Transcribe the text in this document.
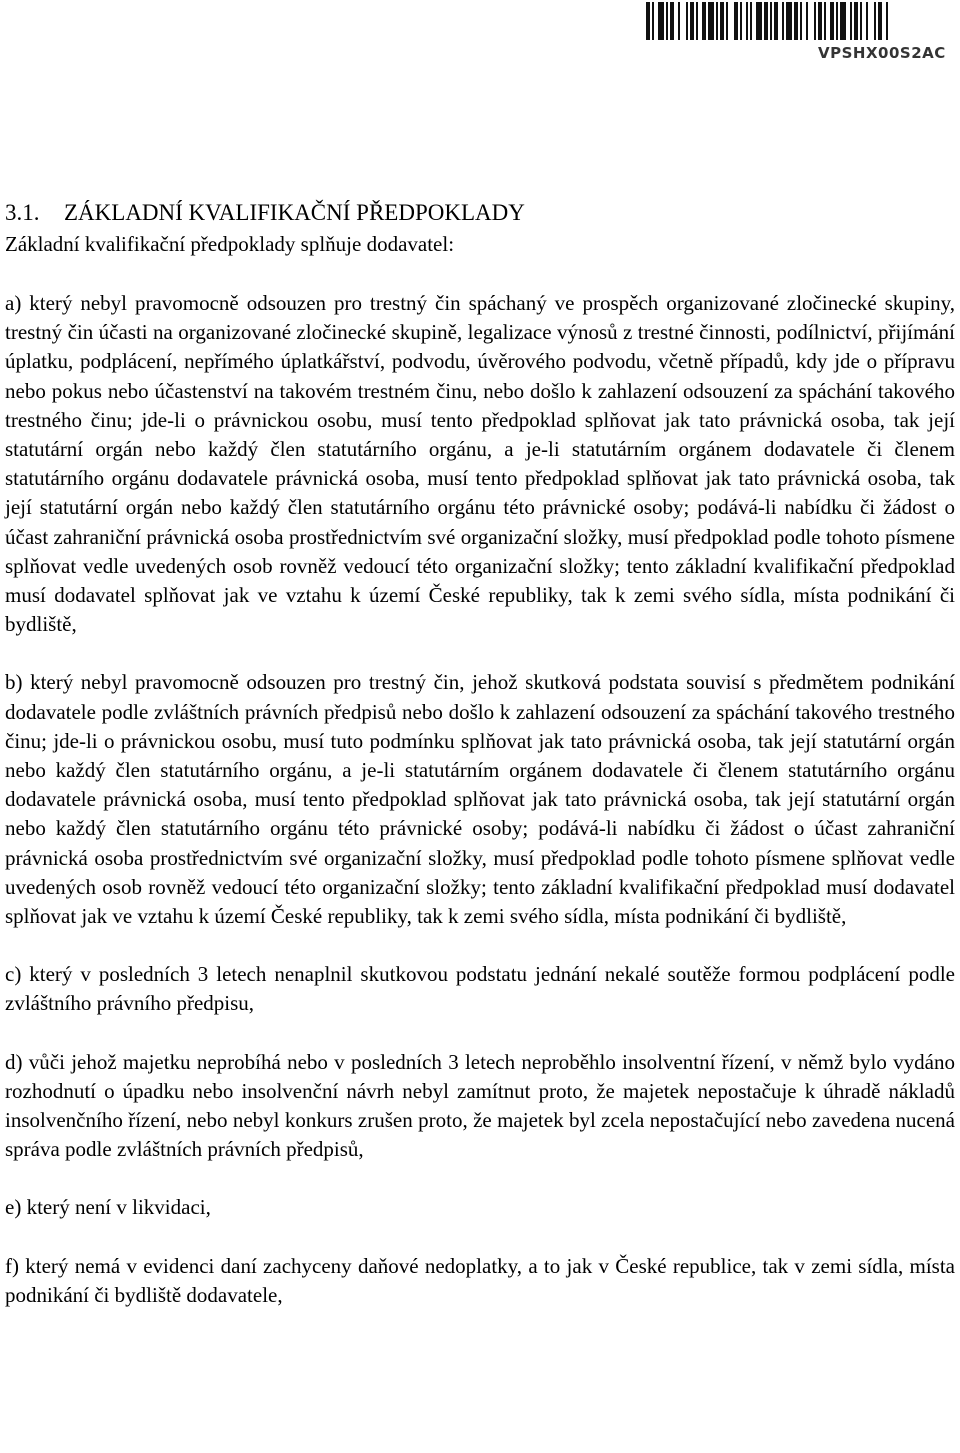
VPSHX00S2AC
3.1. ZÁKLADNÍ KVALIFIKAČNÍ PŘEDPOKLADY

Základní kvalifikační předpoklady splňuje dodavatel:

a) který nebyl pravomocně odsouzen pro trestný čin spáchaný ve prospěch organizované zločinecké skupiny, trestný čin účasti na organizované zločinecké skupině, legalizace výnosů z trestné činnosti, podílnictví, přijímání úplatku, podplácení, nepřímého úplatkářství, podvodu, úvěrového podvodu, včetně případů, kdy jde o přípravu nebo pokus nebo účastenství na takovém trestném činu, nebo došlo k zahlazení odsouzení za spáchání takového trestného činu; jde-li o právnickou osobu, musí tento předpoklad splňovat jak tato právnická osoba, tak její statutární orgán nebo každý člen statutárního orgánu, a je-li statutárním orgánem dodavatele či členem statutárního orgánu dodavatele právnická osoba, musí tento předpoklad splňovat jak tato právnická osoba, tak její statutární orgán nebo každý člen statutárního orgánu této právnické osoby; podává-li nabídku či žádost o účast zahraniční právnická osoba prostřednictvím své organizační složky, musí předpoklad podle tohoto písmene splňovat vedle uvedených osob rovněž vedoucí této organizační složky; tento základní kvalifikační předpoklad musí dodavatel splňovat jak ve vztahu k území České republiky, tak k zemi svého sídla, místa podnikání či bydliště,

b) který nebyl pravomocně odsouzen pro trestný čin, jehož skutková podstata souvisí s předmětem podnikání dodavatele podle zvláštních právních předpisů nebo došlo k zahlazení odsouzení za spáchání takového trestného činu; jde-li o právnickou osobu, musí tuto podmínku splňovat jak tato právnická osoba, tak její statutární orgán nebo každý člen statutárního orgánu, a je-li statutárním orgánem dodavatele či členem statutárního orgánu dodavatele právnická osoba, musí tento předpoklad splňovat jak tato právnická osoba, tak její statutární orgán nebo každý člen statutárního orgánu této právnické osoby; podává-li nabídku či žádost o účast zahraniční právnická osoba prostřednictvím své organizační složky, musí předpoklad podle tohoto písmene splňovat vedle uvedených osob rovněž vedoucí této organizační složky; tento základní kvalifikační předpoklad musí dodavatel splňovat jak ve vztahu k území České republiky, tak k zemi svého sídla, místa podnikání či bydliště,

c) který v posledních 3 letech nenaplnil skutkovou podstatu jednání nekalé soutěže formou podplácení podle zvláštního právního předpisu,

d) vůči jehož majetku neprobíhá nebo v posledních 3 letech neproběhlo insolventní řízení, v němž bylo vydáno rozhodnutí o úpadku nebo insolvenční návrh nebyl zamítnut proto, že majetek nepostačuje k úhradě nákladů insolvenčního řízení, nebo nebyl konkurs zrušen proto, že majetek byl zcela nepostačující nebo zavedena nucená správa podle zvláštních právních předpisů,

e) který není v likvidaci,

f) který nemá v evidenci daní zachyceny daňové nedoplatky, a to jak v České republice, tak v zemi sídla, místa podnikání či bydliště dodavatele,
